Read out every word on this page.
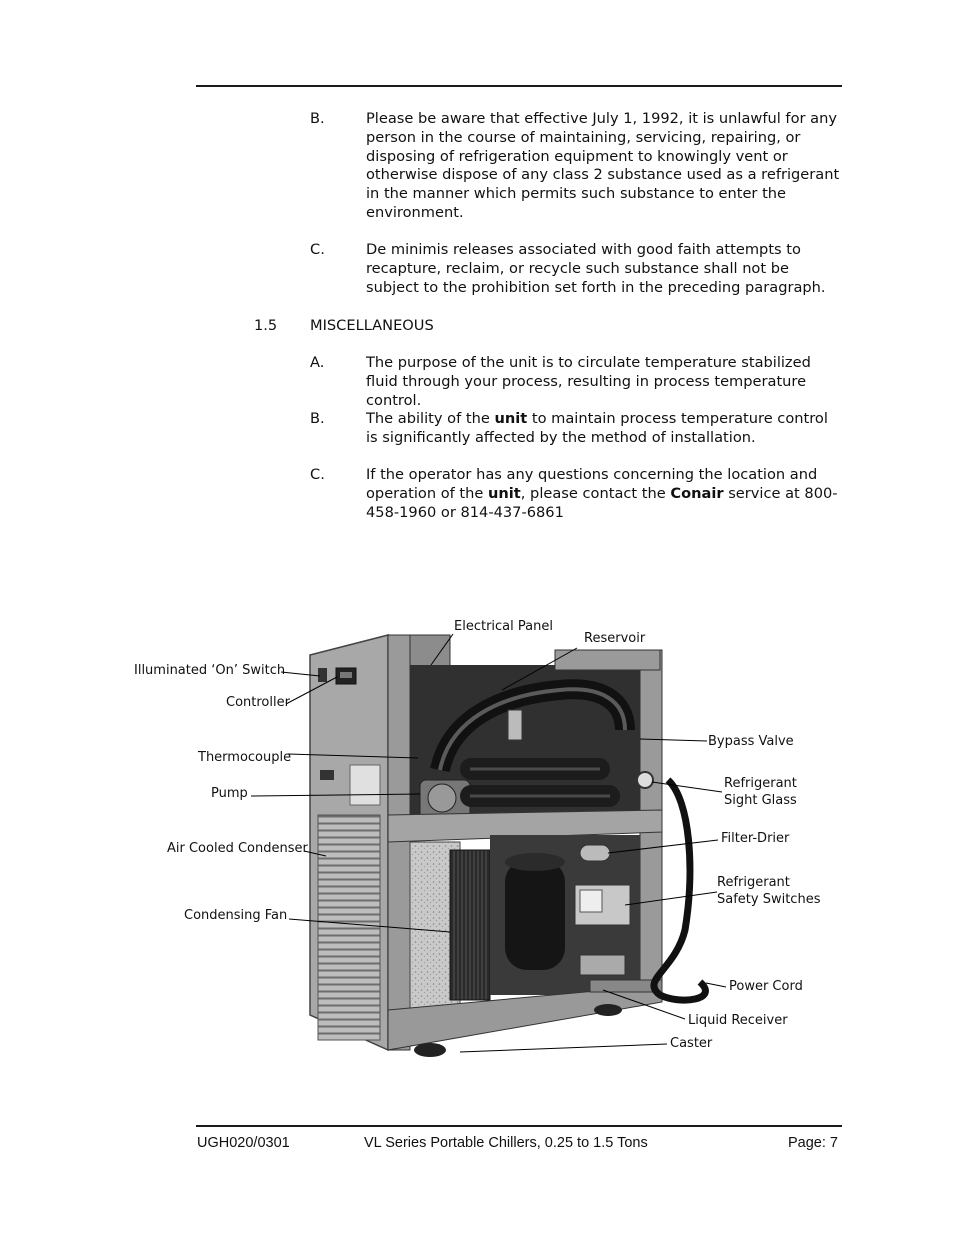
B.	Please be aware that effective July 1, 1992, it is unlawful for any person in the course of maintaining, servicing, repairing, or disposing of refrigeration equipment to knowingly vent or otherwise dispose of any class 2 substance used as a refrigerant in the manner which permits such substance to enter the environment.
C.	De minimis releases associated with good faith attempts to recapture, reclaim, or recycle such substance shall not be subject to the prohibition set forth in the preceding paragraph.
1.5 MISCELLANEOUS
A.	The purpose of the unit is to circulate temperature stabilized fluid through your process, resulting in process temperature control.
B.	The ability of the unit to maintain process temperature control is significantly affected by the method of installation.
C.	If the operator has any questions concerning the location and operation of the unit, please contact the Conair service at 800-458-1960 or 814-437-6861
Electrical Panel
Reservoir
Illuminated ‘On’ Switch
Controller
Bypass Valve
Thermocouple
Refrigerant
Sight Glass
Pump
Filter-Drier
Air Cooled Condenser
Refrigerant
Safety Switches
Condensing Fan
Power Cord
Liquid Receiver
Caster
UGH020/0301	VL Series Portable Chillers, 0.25 to 1.5 Tons	Page: 7
